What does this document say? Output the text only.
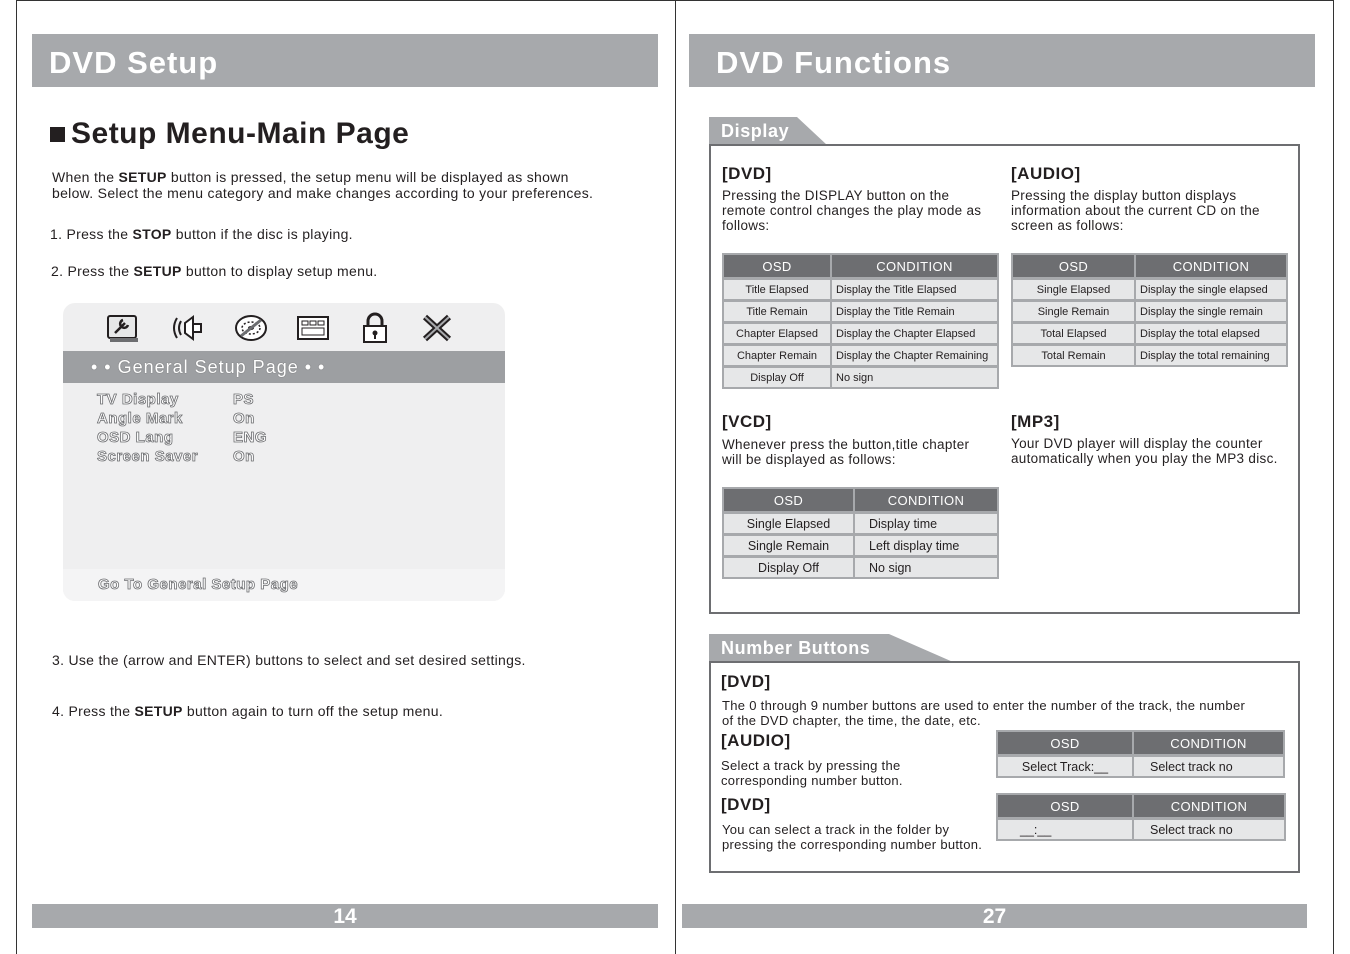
DVD Setup
Setup Menu-Main Page
When the SETUP button is pressed, the setup menu will be displayed as shown
below. Select the menu category and make changes according to your preferences.
1. Press the STOP button if the disc is playing.
2. Press the SETUP button to display setup menu.
• • General Setup Page • •
TV Display	PS
Angle Mark	On
OSD Lang	ENG
Screen Saver On
Go To General Setup Page
3. Use the (arrow and ENTER) buttons to select and set desired settings.
4. Press the SETUP button again to turn off the setup menu.
14
DVD Functions
Display
[DVD]
Pressing the DISPLAY button on the
remote control changes the play mode as
follows:
OSD	CONDITION
Title Elapsed	Display the Title Elapsed
Title Remain	Display the Title Remain
Chapter Elapsed	Display the Chapter Elapsed
Chapter Remain	Display the Chapter Remaining
Display Off	No sign
[AUDIO]
Pressing the display button displays
information about the current CD on the
screen as follows:
OSD	CONDITION
Single Elapsed	Display the single elapsed
Single Remain	Display the single remain
Total Elapsed	Display the total elapsed
Total Remain	Display the total remaining
[VCD]
Whenever press the button,title chapter
will be displayed as follows:
OSD	CONDITION
Single Elapsed	Display time
Single Remain	Left display time
Display Off	No sign
[MP3]
Your DVD player will display the counter
automatically when you play the MP3 disc.
Number Buttons
[DVD]
The 0 through 9 number buttons are used to enter the number of the track, the number
of the DVD chapter, the time, the date, etc.
[AUDIO]
Select a track by pressing the
corresponding number button.
OSD	CONDITION
Select Track:__	Select track no
[DVD]
You can select a track in the folder by
pressing the corresponding number button.
OSD	CONDITION
__:__	Select track no
27
